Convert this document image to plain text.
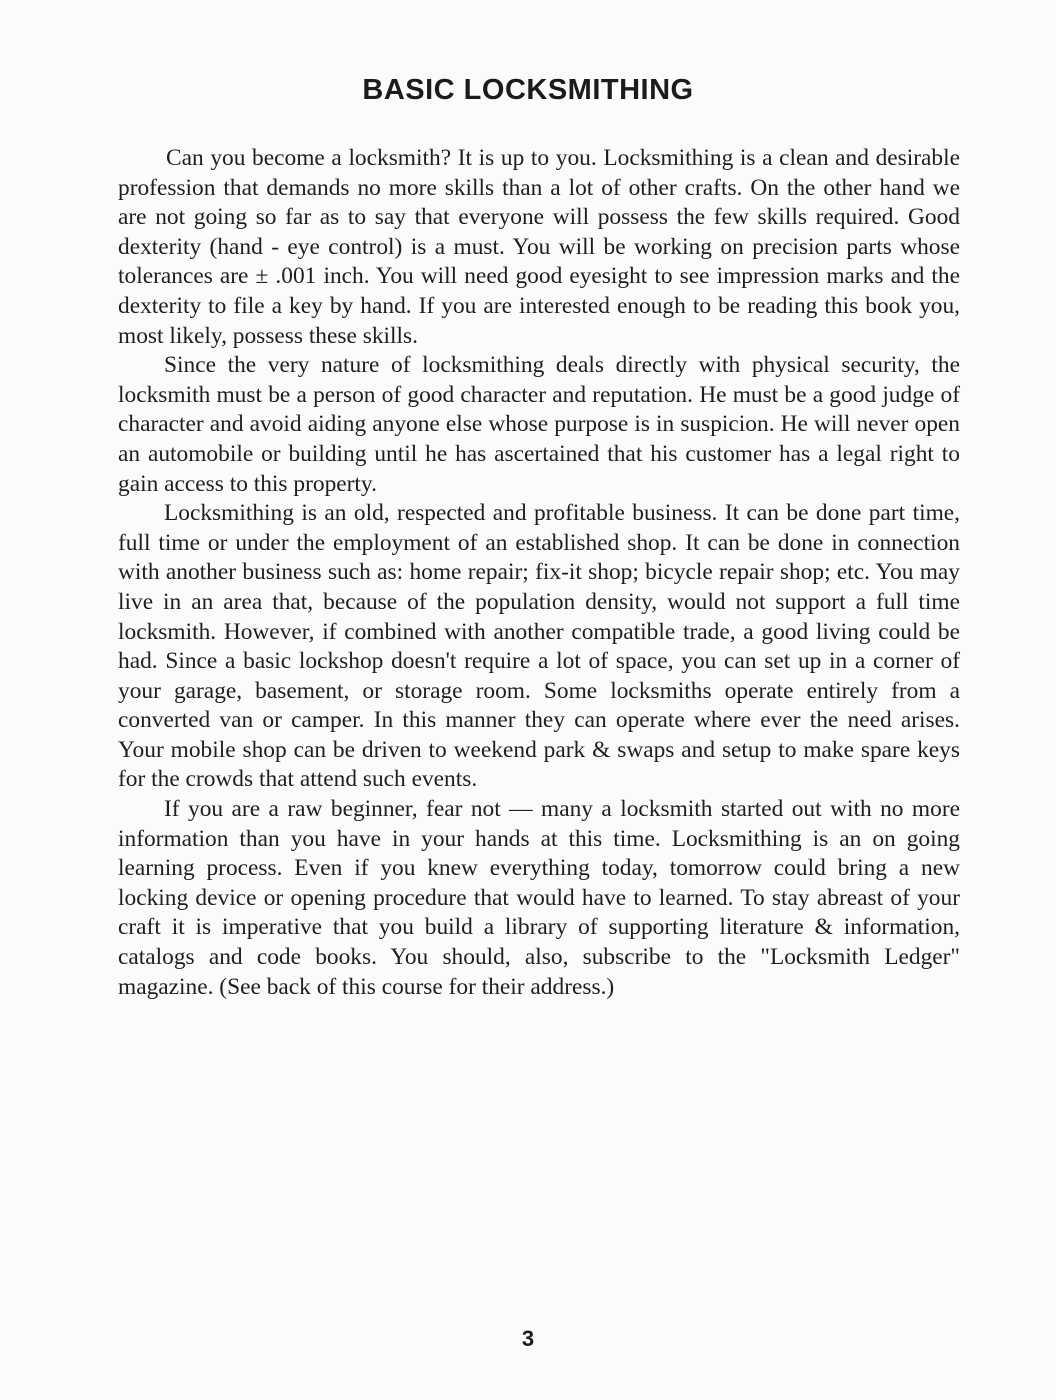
BASIC LOCKSMITHING

Can you become a locksmith? It is up to you. Locksmithing is a clean and desirable profession that demands no more skills than a lot of other crafts. On the other hand we are not going so far as to say that everyone will possess the few skills required. Good dexterity (hand - eye control) is a must. You will be working on precision parts whose tolerances are ± .001 inch. You will need good eyesight to see impression marks and the dexterity to file a key by hand. If you are interested enough to be reading this book you, most likely, possess these skills.

Since the very nature of locksmithing deals directly with physical security, the locksmith must be a person of good character and reputation. He must be a good judge of character and avoid aiding anyone else whose purpose is in suspicion. He will never open an automobile or building until he has ascertained that his customer has a legal right to gain access to this property.

Locksmithing is an old, respected and profitable business. It can be done part time, full time or under the employment of an established shop. It can be done in connection with another business such as: home repair; fix-it shop; bicycle repair shop; etc. You may live in an area that, because of the population density, would not support a full time locksmith. However, if combined with another compatible trade, a good living could be had. Since a basic lockshop doesn't require a lot of space, you can set up in a corner of your garage, basement, or storage room. Some locksmiths operate entirely from a converted van or camper. In this manner they can operate where ever the need arises. Your mobile shop can be driven to weekend park & swaps and setup to make spare keys for the crowds that attend such events.

If you are a raw beginner, fear not — many a locksmith started out with no more information than you have in your hands at this time. Locksmithing is an on going learning process. Even if you knew everything today, tomorrow could bring a new locking device or opening procedure that would have to learned. To stay abreast of your craft it is imperative that you build a library of supporting literature & information, catalogs and code books. You should, also, subscribe to the "Locksmith Ledger" magazine. (See back of this course for their address.)

3
